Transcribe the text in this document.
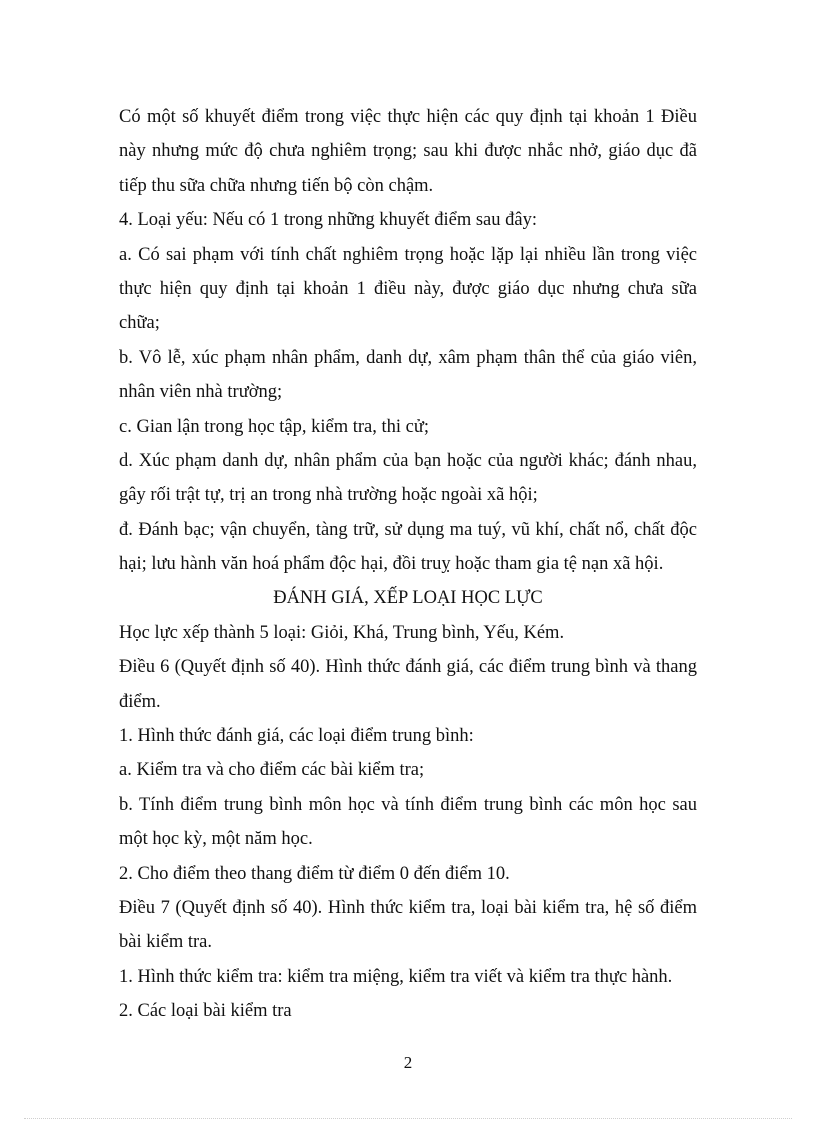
Có một số khuyết điểm trong việc thực hiện các quy định tại khoản 1 Điều
này nhưng mức độ chưa nghiêm trọng; sau khi được nhắc nhở, giáo dục đã
tiếp thu sữa chữa nhưng tiến bộ còn chậm.
4. Loại yếu: Nếu có 1 trong những khuyết điểm sau đây:
a. Có sai phạm với tính chất nghiêm trọng hoặc lặp lại nhiều lần trong việc
thực hiện quy định tại khoản 1 điều này, được giáo dục nhưng chưa sữa
chữa;
b. Vô lễ, xúc phạm nhân phẩm, danh dự, xâm phạm thân thể của giáo viên,
nhân viên nhà trường;
c. Gian lận trong học tập, kiểm tra, thi cử;
d. Xúc phạm danh dự, nhân phẩm của bạn hoặc của người khác; đánh nhau,
gây rối trật tự, trị an trong nhà trường hoặc ngoài xã hội;
đ. Đánh bạc; vận chuyển, tàng trữ, sử dụng ma tuý, vũ khí, chất nổ, chất độc
hại; lưu hành văn hoá phẩm độc hại, đồi truỵ hoặc tham gia tệ nạn xã hội.
ĐÁNH GIÁ, XẾP LOẠI HỌC LỰC
Học lực xếp thành 5 loại: Giỏi, Khá, Trung bình, Yếu, Kém.
Điều 6 (Quyết định số 40). Hình thức đánh giá, các điểm trung bình và thang
điểm.
1. Hình thức đánh giá, các loại điểm trung bình:
a. Kiểm tra và cho điểm các bài kiểm tra;
b. Tính điểm trung bình môn học và tính điểm trung bình các môn học sau
một học kỳ, một năm học.
2. Cho điểm theo thang điểm từ điểm 0 đến điểm 10.
Điều 7 (Quyết định số 40). Hình thức kiểm tra, loại bài kiểm tra, hệ số điểm
bài kiểm tra.
1. Hình thức kiểm tra: kiểm tra miệng, kiểm tra viết và kiểm tra thực hành.
2. Các loại bài kiểm tra
2
